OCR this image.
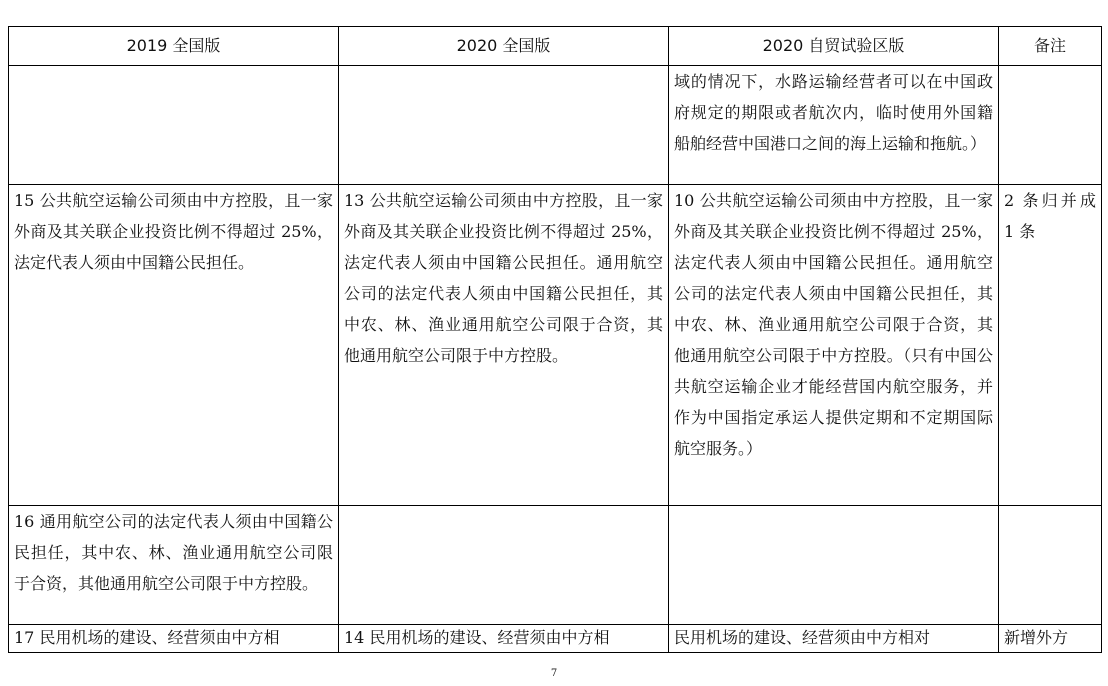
2019 全国版	2020 全国版	2020 自贸试验区版	备注
		域的情况下，水路运输经营者可以在中国政府规定的期限或者航次内，临时使用外国籍船舶经营中国港口之间的海上运输和拖航。）	
15 公共航空运输公司须由中方控股，且一家外商及其关联企业投资比例不得超过 25%，法定代表人须由中国籍公民担任。	13 公共航空运输公司须由中方控股，且一家外商及其关联企业投资比例不得超过 25%，法定代表人须由中国籍公民担任。通用航空公司的法定代表人须由中国籍公民担任，其中农、林、渔业通用航空公司限于合资，其他通用航空公司限于中方控股。	10 公共航空运输公司须由中方控股，且一家外商及其关联企业投资比例不得超过 25%，法定代表人须由中国籍公民担任。通用航空公司的法定代表人须由中国籍公民担任，其中农、林、渔业通用航空公司限于合资，其他通用航空公司限于中方控股。（只有中国公共航空运输企业才能经营国内航空服务，并作为中国指定承运人提供定期和不定期国际航空服务。）	2 条归并成 1 条
16 通用航空公司的法定代表人须由中国籍公民担任，其中农、林、渔业通用航空公司限于合资，其他通用航空公司限于中方控股。			
17 民用机场的建设、经营须由中方相	14 民用机场的建设、经营须由中方相	民用机场的建设、经营须由中方相对	新增外方
7
